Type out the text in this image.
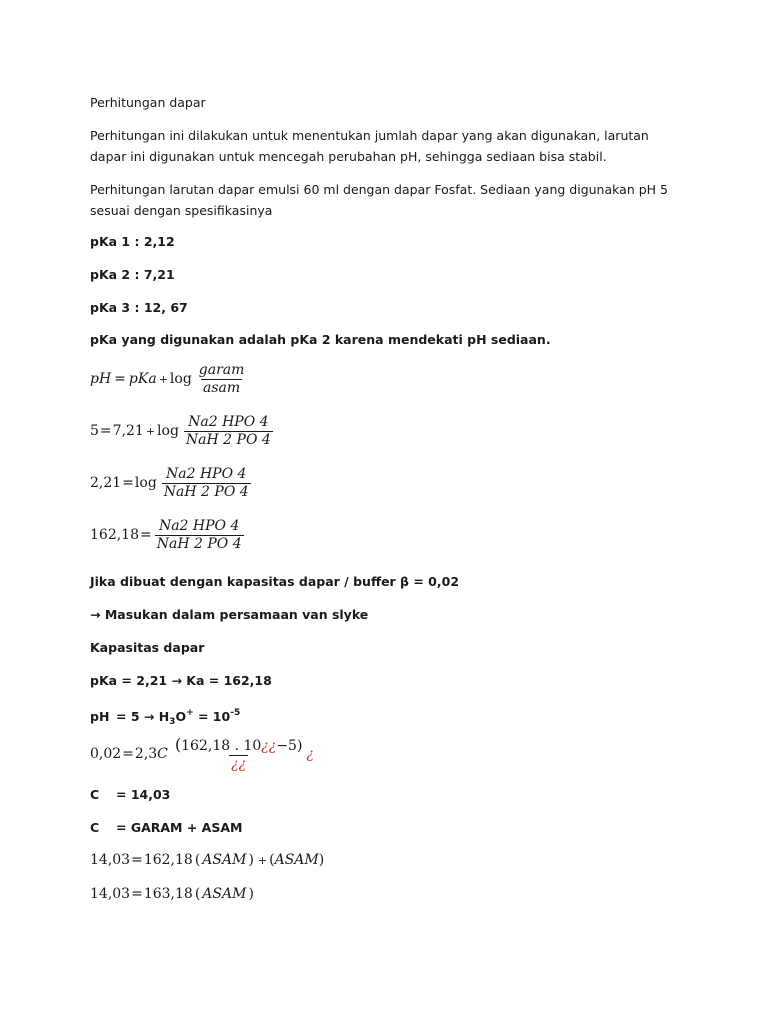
Perhitungan dapar

Perhitungan ini dilakukan untuk menentukan jumlah dapar yang akan digunakan, larutan dapar ini digunakan untuk mencegah perubahan pH, sehingga sediaan bisa stabil.

Perhitungan larutan dapar emulsi 60 ml dengan dapar Fosfat. Sediaan yang digunakan pH 5 sesuai dengan spesifikasinya

pKa 1 : 2,12

pKa 2 : 7,21

pKa 3 : 12, 67

pKa yang digunakan adalah pKa 2 karena mendekati pH sediaan.

pH = pKa + $\log \frac{\text{garam}}{\text{asam}}$
$5 = 7,21 + \log \frac{\text{Na2 HPO 4}}{\text{NaH 2 PO 4}}$
$2,21 = \log \frac{\text{Na2 HPO 4}}{\text{NaH 2 PO 4}}$
$162,18 = \frac{\text{Na2 HPO 4}}{\text{NaH 2 PO 4}}$

Jika dibuat dengan kapasitas dapar / buffer β = 0,02

→ Masukan dalam persamaan van slyke

Kapasitas dapar

pKa = 2,21 → Ka = 162,18

pH = $5 \to H_3O^+ = 10^{-5}$

0,02 = 2,3 C $\frac{(162,18 . 10¿¿-5)}{¿¿}$ ¿

C = 14,03

C = GARAM + ASAM

14,03 = 162,18 ( ASAM ) + ( ASAM )
14,03 = 163,18 ( ASAM )
